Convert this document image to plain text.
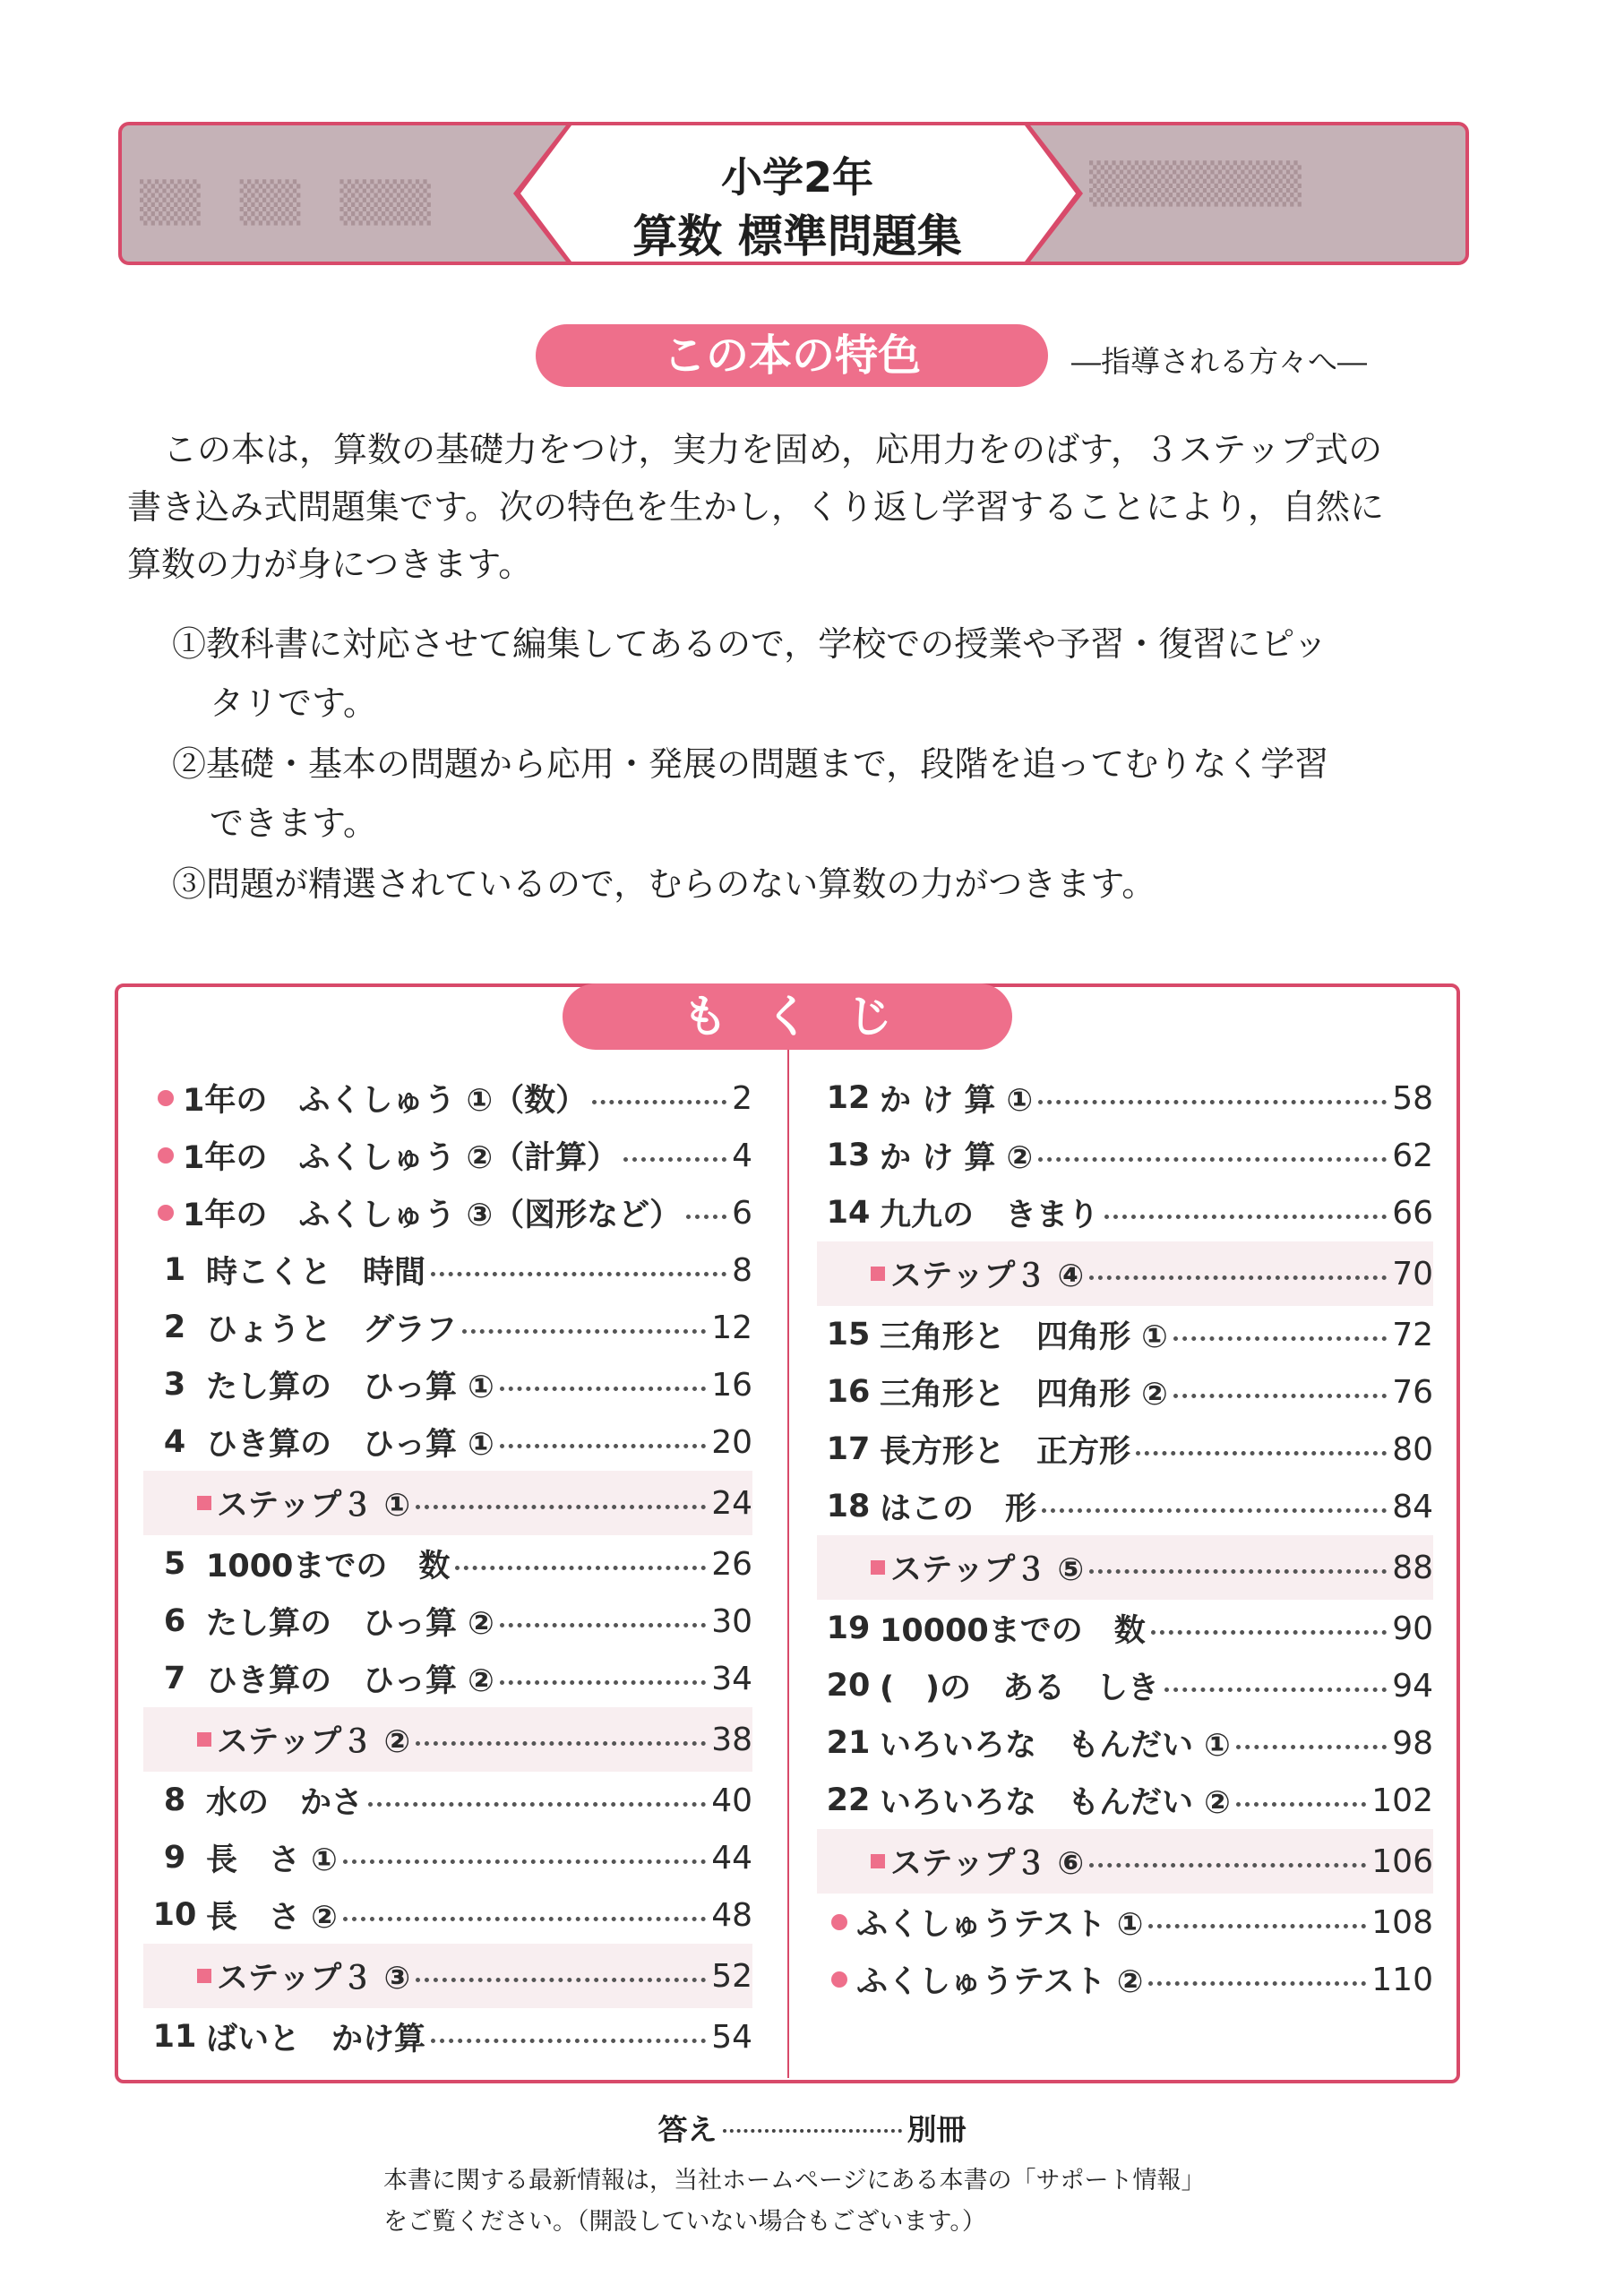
▒▒　▒▒　▒▒▒	▒▒▒▒▒▒▒
小学2年
算数 標準問題集
この本の特色	―指導される方々へ―
この本は，算数の基礎力をつけ，実力を固め，応用力をのばす，３ステップ式の
書き込み式問題集です。次の特色を生かし，くり返し学習することにより，自然に
算数の力が身につきます。
①教科書に対応させて編集してあるので，学校での授業や予習・復習にピッ
タリです。
②基礎・基本の問題から応用・発展の問題まで，段階を追ってむりなく学習
できます。
③問題が精選されているので，むらのない算数の力がつきます。
もくじ
1年の　ふくしゅう ①（数）	2
1年の　ふくしゅう ②（計算）	4
1年の　ふくしゅう ③（図形など） 6
1 時こくと　時間	8
2 ひょうと　グラフ	12
3 たし算の　ひっ算 ①	16
4 ひき算の　ひっ算 ①	20
ステップ３ ①	24
5 1000までの　数	26
6 たし算の　ひっ算 ②	30
7 ひき算の　ひっ算 ②	34
ステップ３ ②	38
8 水の　かさ	40
9 長　さ ①	44
10 長　さ ②	48
ステップ３ ③	52
11 ばいと　かけ算	54
12 か け 算 ①	58
13 か け 算 ②	62
14 九九の　きまり	66
ステップ３ ④	70
15 三角形と　四角形 ①	72
16 三角形と　四角形 ②	76
17 長方形と　正方形	80
18 はこの　形	84
ステップ３ ⑤	88
19 10000までの　数	90
20 (　)の　ある　しき	94
21 いろいろな　もんだい ①	98
22 いろいろな　もんだい ②	102
ステップ３ ⑥	106
ふくしゅうテスト ①	108
ふくしゅうテスト ②	110
答え	別冊
本書に関する最新情報は，当社ホームページにある本書の「サポート情報」
をご覧ください。（開設していない場合もございます。）
